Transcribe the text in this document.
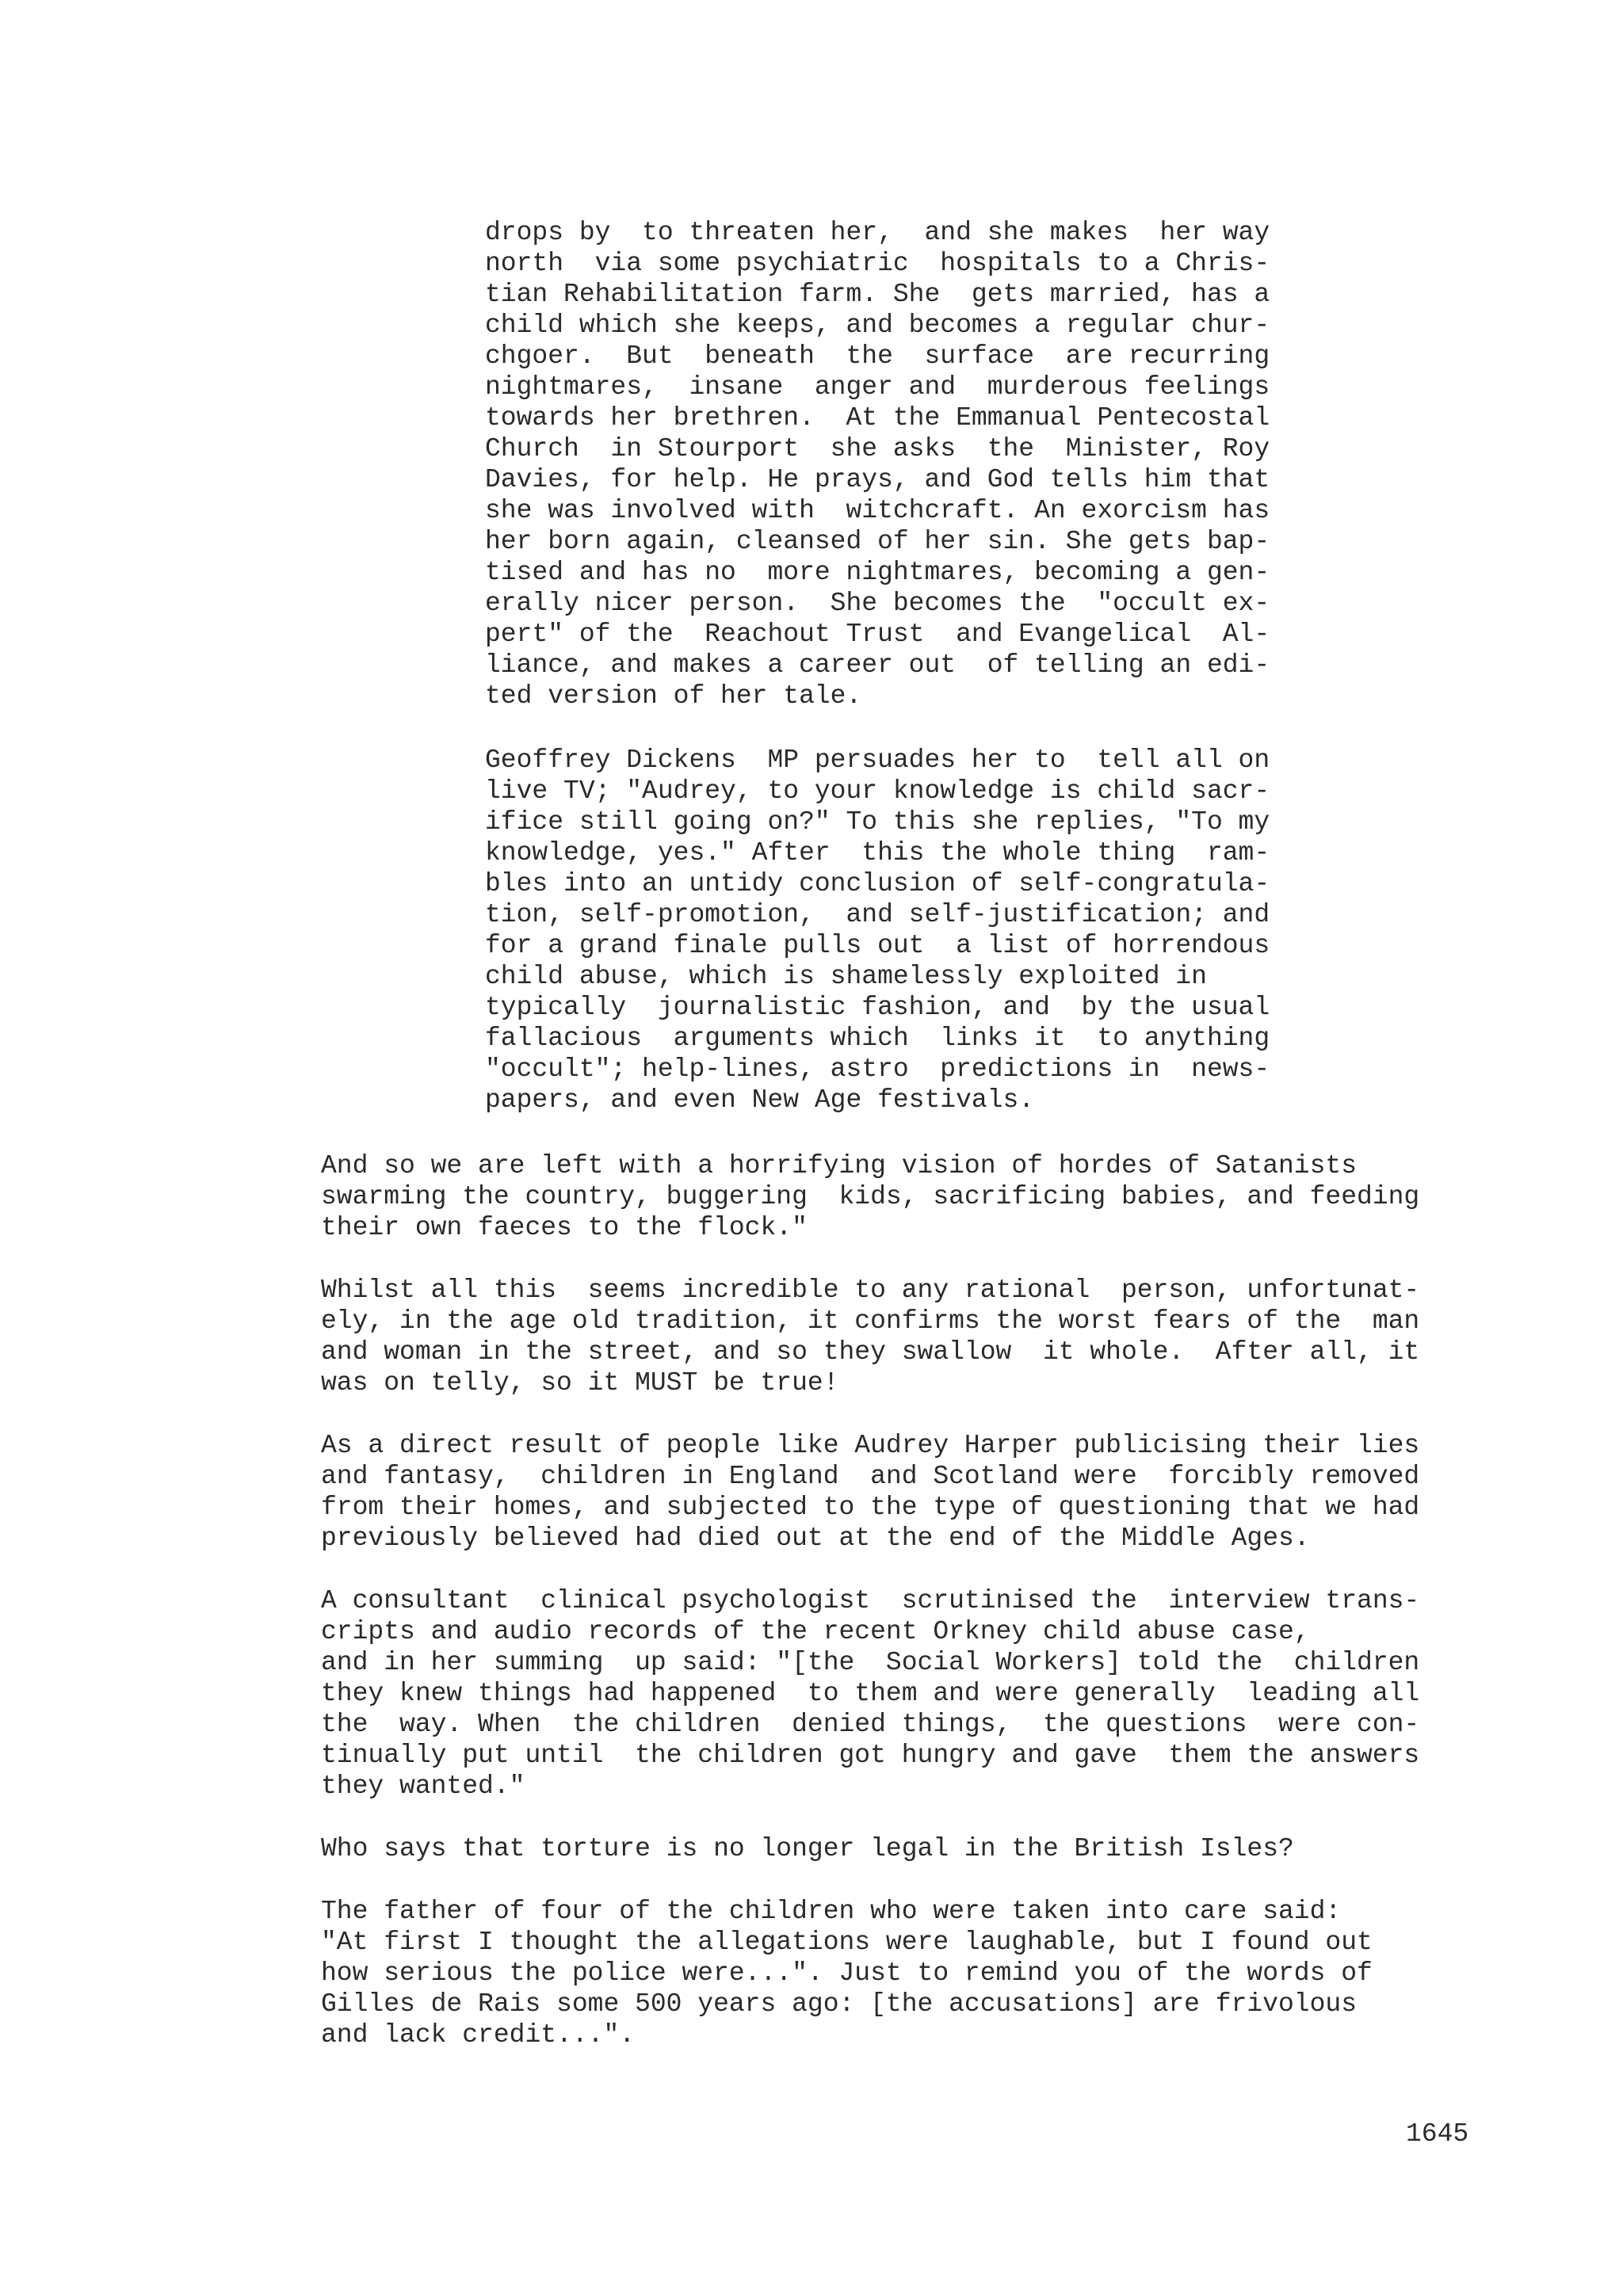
drops by  to threaten her,  and she makes  her way
north  via some psychiatric  hospitals to a Chris-
tian Rehabilitation farm. She  gets married, has a
child which she keeps, and becomes a regular chur-
chgoer.  But  beneath  the  surface  are recurring
nightmares,  insane  anger and  murderous feelings
towards her brethren.  At the Emmanual Pentecostal
Church  in Stourport  she asks  the  Minister, Roy
Davies, for help. He prays, and God tells him that
she was involved with  witchcraft. An exorcism has
her born again, cleansed of her sin. She gets bap-
tised and has no  more nightmares, becoming a gen-
erally nicer person.  She becomes the  "occult ex-
pert" of the  Reachout Trust  and Evangelical  Al-
liance, and makes a career out  of telling an edi-
ted version of her tale.

Geoffrey Dickens  MP persuades her to  tell all on
live TV; "Audrey, to your knowledge is child sacr-
ifice still going on?" To this she replies, "To my
knowledge, yes." After  this the whole thing  ram-
bles into an untidy conclusion of self-congratula-
tion, self-promotion,  and self-justification; and
for a grand finale pulls out  a list of horrendous
child abuse, which is shamelessly exploited in
typically  journalistic fashion, and  by the usual
fallacious  arguments which  links it  to anything
"occult"; help-lines, astro  predictions in  news-
papers, and even New Age festivals.

And so we are left with a horrifying vision of hordes of Satanists
swarming the country, buggering  kids, sacrificing babies, and feeding
their own faeces to the flock."

Whilst all this  seems incredible to any rational  person, unfortunat-
ely, in the age old tradition, it confirms the worst fears of the  man
and woman in the street, and so they swallow  it whole.  After all, it
was on telly, so it MUST be true!

As a direct result of people like Audrey Harper publicising their lies
and fantasy,  children in England  and Scotland were  forcibly removed
from their homes, and subjected to the type of questioning that we had
previously believed had died out at the end of the Middle Ages.

A consultant  clinical psychologist  scrutinised the  interview trans-
cripts and audio records of the recent Orkney child abuse case,
and in her summing  up said: "[the  Social Workers] told the  children
they knew things had happened  to them and were generally  leading all
the  way. When  the children  denied things,  the questions  were con-
tinually put until  the children got hungry and gave  them the answers
they wanted."

Who says that torture is no longer legal in the British Isles?

The father of four of the children who were taken into care said:
"At first I thought the allegations were laughable, but I found out
how serious the police were...". Just to remind you of the words of
Gilles de Rais some 500 years ago: [the accusations] are frivolous
and lack credit...".

1645
